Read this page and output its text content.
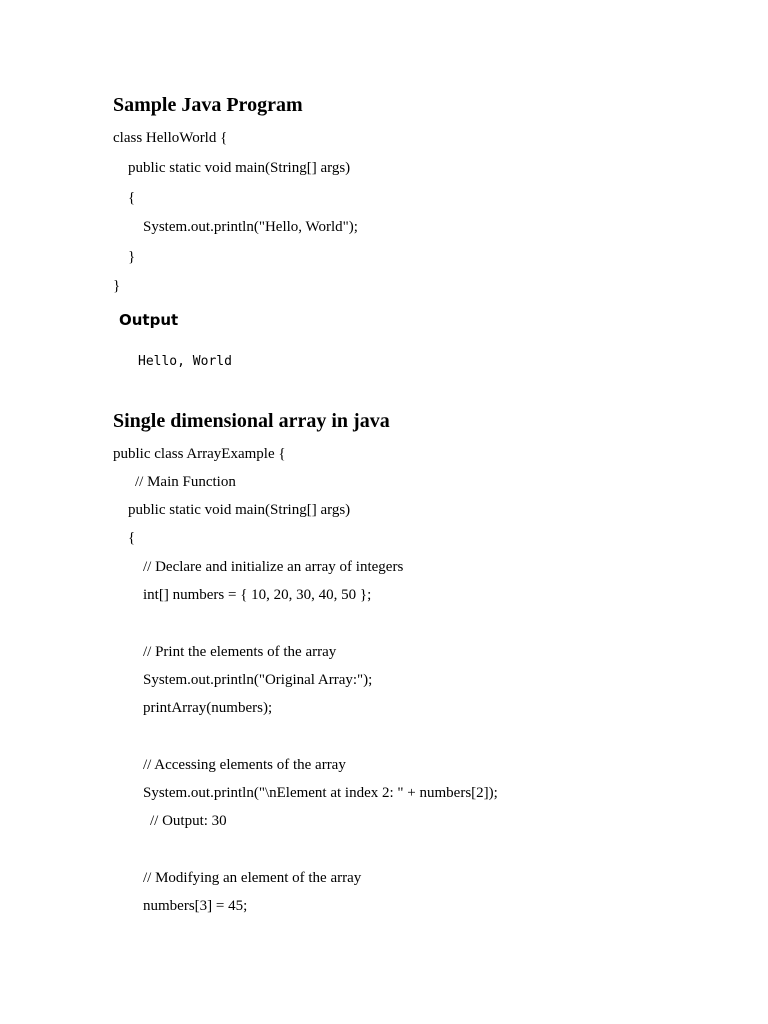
Sample Java Program
class HelloWorld {
public static void main(String[] args)
{
System.out.println("Hello, World");
}
}
Output
Hello, World
Single dimensional array in java
public class ArrayExample {
// Main Function
public static void main(String[] args)
{
// Declare and initialize an array of integers
int[] numbers = { 10, 20, 30, 40, 50 };
// Print the elements of the array
System.out.println("Original Array:");
printArray(numbers);
// Accessing elements of the array
System.out.println("\nElement at index 2: " + numbers[2]);
// Output: 30
// Modifying an element of the array
numbers[3] = 45;
